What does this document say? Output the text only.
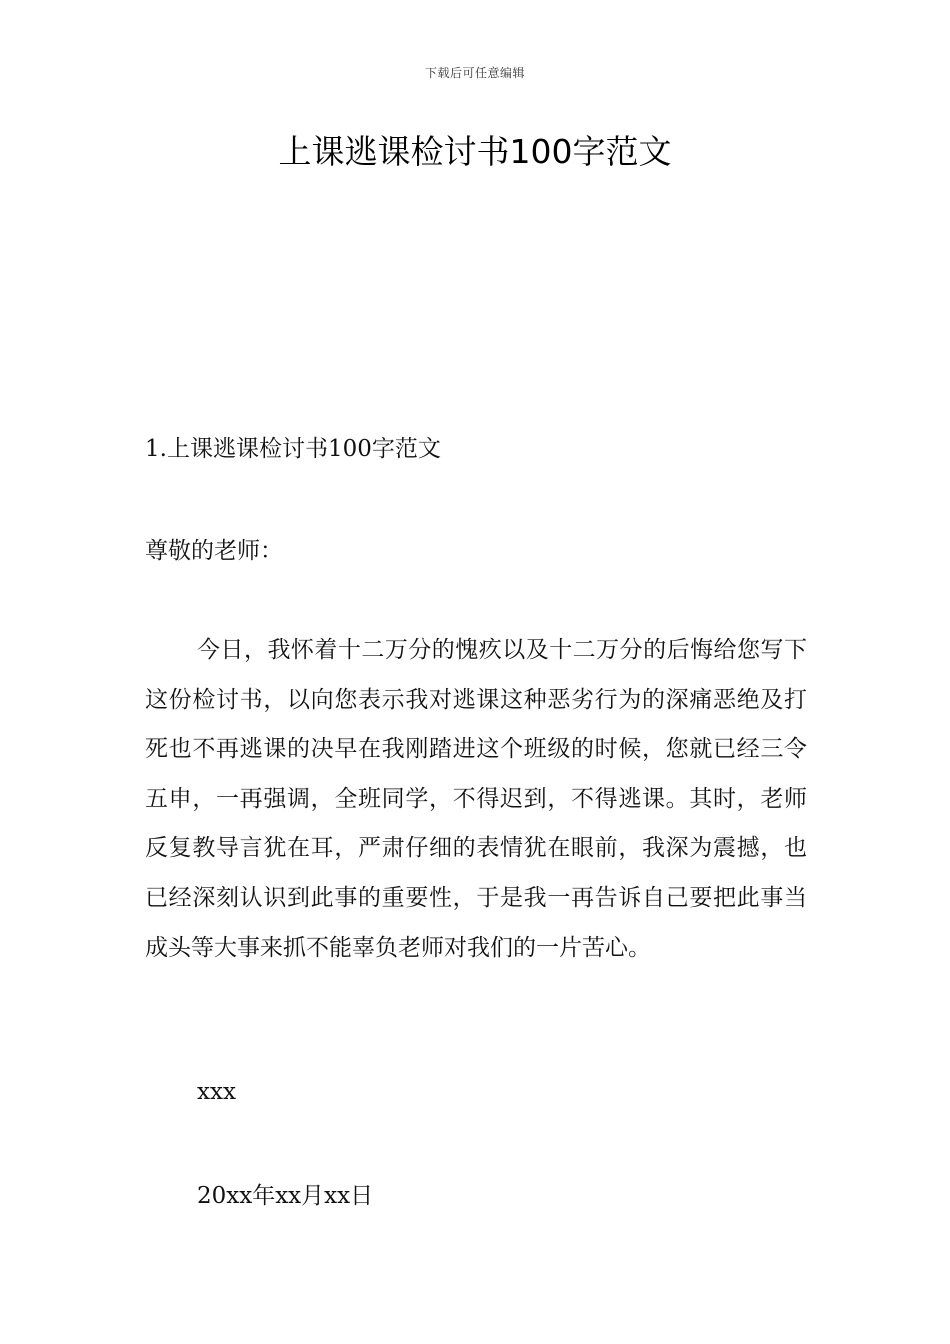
下载后可任意编辑
上课逃课检讨书100字范文
1.上课逃课检讨书100字范文

尊敬的老师：

今日，我怀着十二万分的愧疚以及十二万分的后悔给您写下这份检讨书，以向您表示我对逃课这种恶劣行为的深痛恶绝及打死也不再逃课的决早在我刚踏进这个班级的时候，您就已经三令五申，一再强调，全班同学，不得迟到，不得逃课。其时，老师反复教导言犹在耳，严肃仔细的表情犹在眼前，我深为震撼，也已经深刻认识到此事的重要性，于是我一再告诉自己要把此事当成头等大事来抓不能辜负老师对我们的一片苦心。

xxx

20xx年xx月xx日
